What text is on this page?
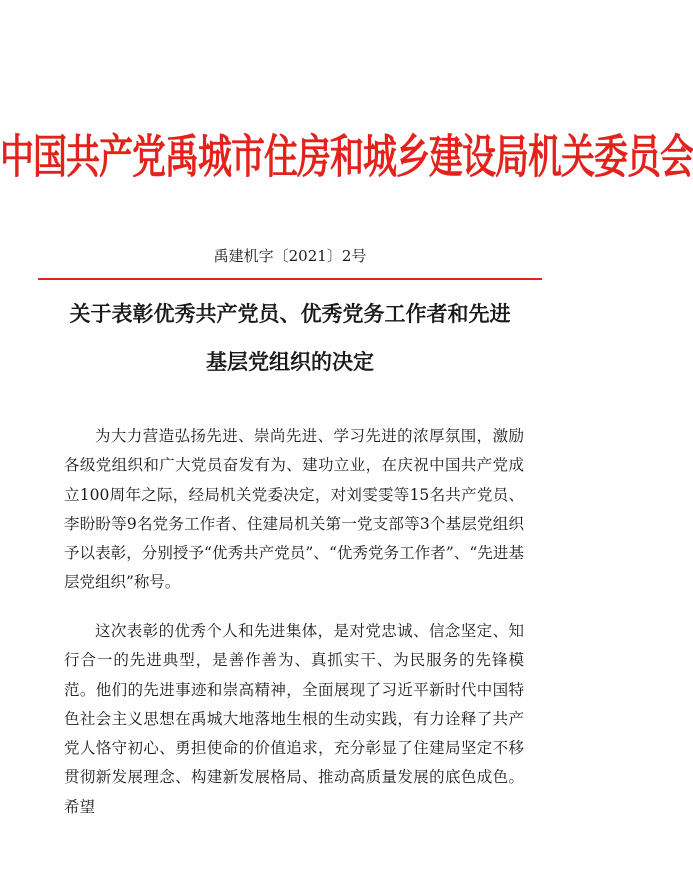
中国共产党禹城市住房和城乡建设局机关委员会
禹建机字〔2021〕2号
关于表彰优秀共产党员、优秀党务工作者和先进
基层党组织的决定

为大力营造弘扬先进、崇尚先进、学习先进的浓厚氛围，激励各级党组织和广大党员奋发有为、建功立业，在庆祝中国共产党成立100周年之际，经局机关党委决定，对刘雯雯等15名共产党员、李盼盼等9名党务工作者、住建局机关第一党支部等3个基层党组织予以表彰，分别授予“优秀共产党员”、“优秀党务工作者”、“先进基层党组织”称号。

这次表彰的优秀个人和先进集体，是对党忠诚、信念坚定、知行合一的先进典型，是善作善为、真抓实干、为民服务的先锋模范。他们的先进事迹和崇高精神，全面展现了习近平新时代中国特色社会主义思想在禹城大地落地生根的生动实践，有力诠释了共产党人恪守初心、勇担使命的价值追求，充分彰显了住建局坚定不移贯彻新发展理念、构建新发展格局、推动高质量发展的底色成色。希望
